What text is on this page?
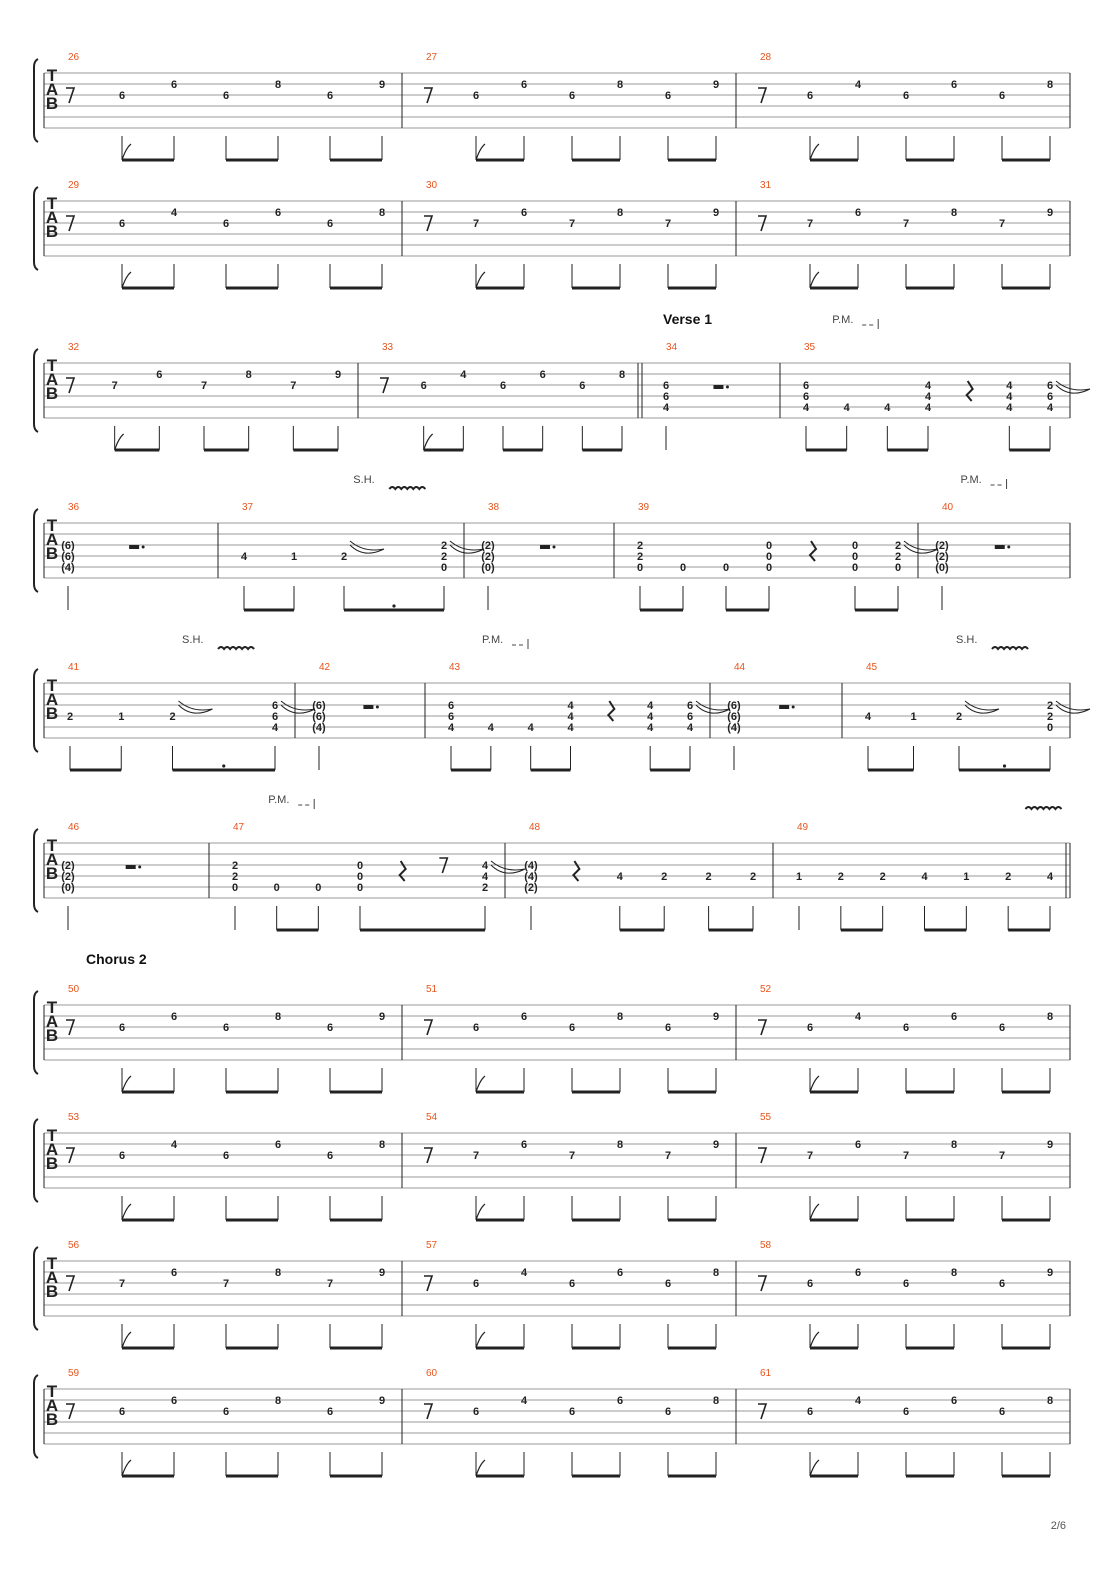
T
A
B
26
6
6
6
8
6
9
27
6
6
6
8
6
9
28
6
4
6
6
6
8
T
A
B
29
6
4
6
6
6
8
30
7
6
7
8
7
9
31
7
6
7
8
7
9
T
A
B
32
7
6
7
8
7
9
33
6
4
6
6
6
8
34
6
6
4
35
6
6
4	4	4
4
4
4
4
4
4
6
6
4
P.M.
T
A
B
36
(6)
(6)
(4)
37
4	1	2
2
2
0
38
(2)
(2)
(0)
39
2
2
0	0	0
0
0
0
0
0
0
2
2
0
40
(2)
(2)
(0)
S.H.	P.M.
T
A
B
41
2	1	2
6
6
4
42
(6)
(6)
(4)
43
6
6
4	4	4
4
4
4
4
4
4
6
6
4
44
(6)
(6)
(4)
45
4	1	2
2
2
0
S.H.	P.M.	S.H.
T
A
B
46
(2)
(2)
(0)
47
2
2
0	0	0
0
0
0
4
4
2
48
(4)
(4)
(2)
4	2	2	2
49
1	2	2	4	1	2	4
P.M.
T
A
B
50
6
6
6
8
6
9
51
6
6
6
8
6
9
52
6
4
6
6
6
8
T
A
B
53
6
4
6
6
6
8
54
7
6
7
8
7
9
55
7
6
7
8
7
9
T
A
B
56
7
6
7
8
7
9
57
6
4
6
6
6
8
58
6
6
6
8
6
9
T
A
B
59
6
6
6
8
6
9
60
6
4
6
6
6
8
61
6
4
6
6
6
8
2/6
Verse 1
Chorus 2
